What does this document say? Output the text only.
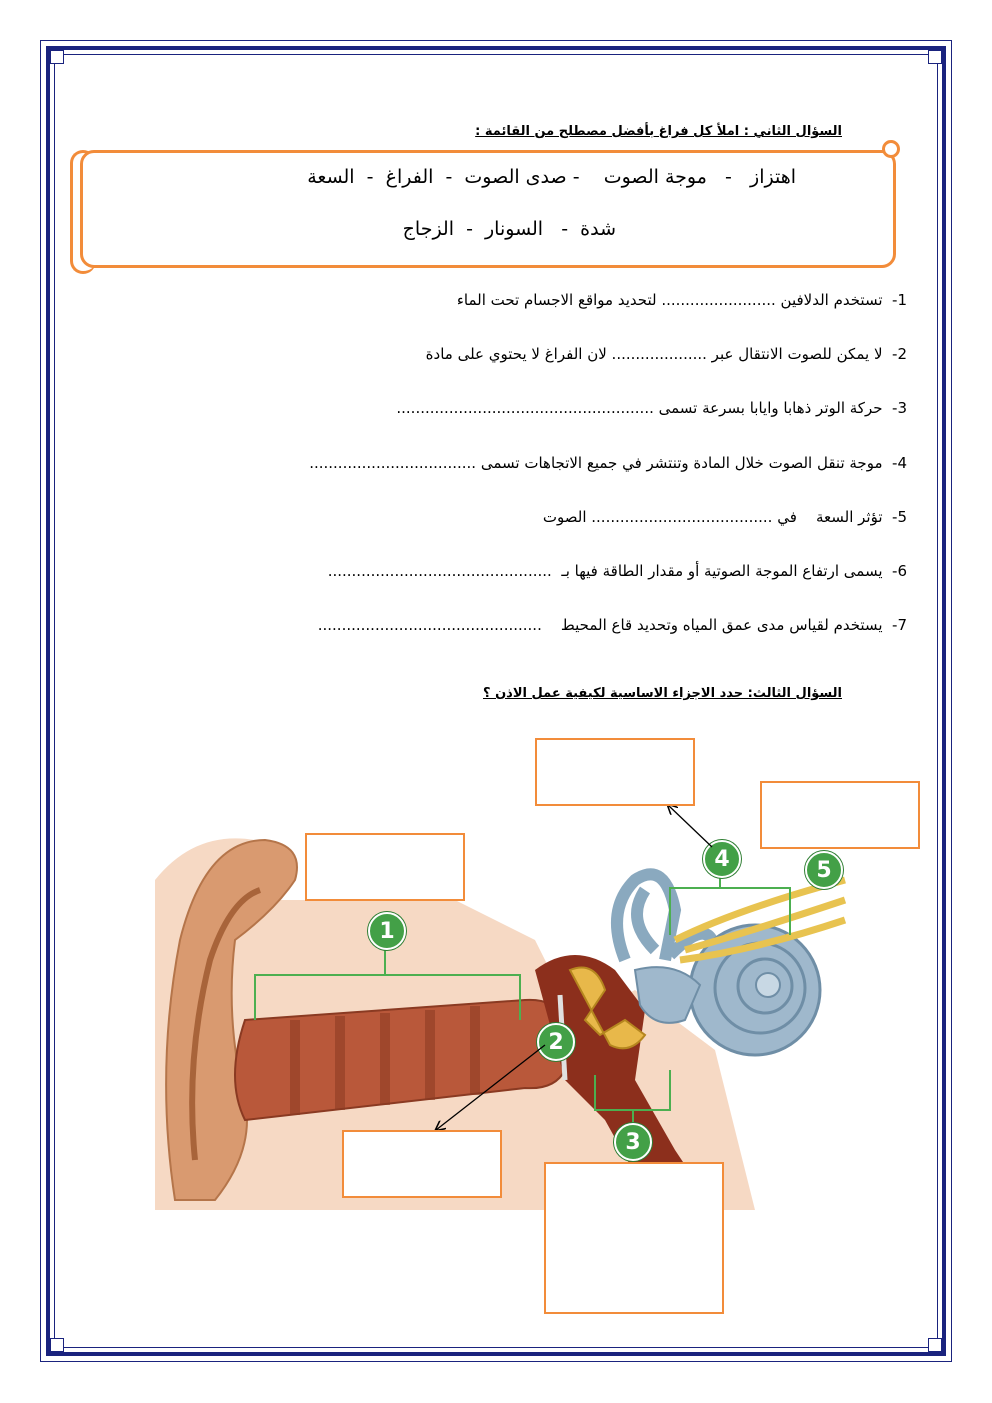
السؤال الثاني : املأ كل فراغ بأفضل مصطلح من القائمة :
اهتزاز   -   موجة الصوت    - صدى الصوت  -  الفراغ  -  السعة
شدة  -   السونار  -  الزجاج
1-  تستخدم الدلافين ........................ لتحديد مواقع الاجسام تحت الماء
2-  لا يمكن للصوت الانتقال عبر .................... لان الفراغ لا يحتوي على مادة
3-  حركة الوتر ذهابا وايابا بسرعة تسمى ......................................................
4-  موجة تنقل الصوت خلال المادة وتنتشر في جميع الاتجاهات تسمى ...................................
5-  تؤثر السعة    في ...................................... الصوت
6-  يسمى ارتفاع الموجة الصوتية أو مقدار الطاقة فيها بـ  ...............................................
7-  يستخدم لقياس مدى عمق المياه وتحديد قاع المحيط    ...............................................
السؤال الثالث: حدد الاجزاء الاساسية لكيفية عمل الاذن ؟
1
2
3
4	5
